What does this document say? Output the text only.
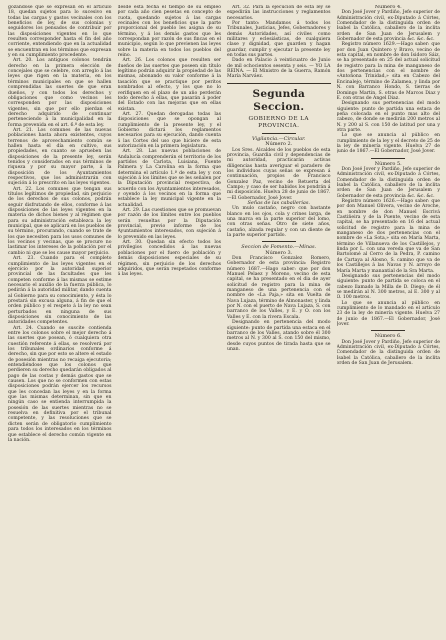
gozándose que se expresan en el artículo 18, quedan sujetos para lo sucesivo en todas las cargas y gastos vecinales con los beneficios de ley, de sus colonias y seguidores los pensados de contribuir por las disposiciones vigentes en lo que resulten corresponder hasta el fin del año corriente, entendiendo que en la actualidad se encuentran en los términos que expresan y en su cumplimiento procedente.

Art. 20. Los antiguos colonos tendrán derecho en la primera elección de concejales que se celebre, con arreglo á las leyes que rigen en la materia, en los términos municipales en que se hallen comprendidas las suertes de que eran dueños, y con todos los derechos y obligaciones que como vecinos les corresponden por las disposiciones vigentes, sin que por ello pierdan el derecho adquirido de continuar perteneciendo á la municipalidad en la forma prevenida en el art. 6.º de esta ley.

Art. 21. Los comunes de las nuevas poblaciones hasta ahora existentes, cuyos terrenos de aprovechamiento común se hallen hasta el día en cultivo, sus propiedades, en cuanto se aprueben las disposiciones de la presente ley, serán tenidos y considerados en sus términos de riqueza y por su mayor parte, á la disposición de los Ayuntamientos respectivos, que los administrarán con sujeción á lo prescrito en las leyes vigentes.

Art. 22. Los comunes que tengan sus títulos legítimos de propiedad, sin perjuicio de los derechos de sus colonos, podrán seguir disfrutando de ellos, conforme á las disposiciones de las leyes vigentes en la materia de dichos bienes y al régimen que para su administración establezca la ley municipal, que se aplicará en los pueblos de su término, procurando, cuando se trate de los que necesiten para los usos comunes de los vecinos y vecinas, que se procure no lastimar los intereses de la población por el cambio ni que se les cause mayor perjuicio.

Art. 23. Cuando para el completo cumplimiento de las leyes vigentes en el ejercicio por la autoridad superior provincial de las facultades que les competen conforme á las mismas se estime necesario el auxilio de la fuerza pública, lo pedirán á la autoridad militar, dando cuenta al Gobierno para su conocimiento, y ésta lo prestará sin excusa alguna, á fin de que el orden público y el respeto á la ley no sean perturbados en ninguna de sus disposiciones sin conocimiento de las autoridades competentes.

Art. 24. Cuando se suscite contienda entre los colonos sobre el mejor derecho á las suertes que posean, ó cualquiera otra cuestión referente á ellas, se resolverá por los tribunales ordinarios conforme á derecho, sin que por esto se altere el estado de posesión mientras no recaiga ejecutoria; entendiéndose que los colonos que perdieren su derecho quedarán obligados al pago de las costas y demás gastos que se causen. Los que no se conformen con estas disposiciones podrán ejercer los recursos que les concedan las leyes y en la forma que las mismas determinan, sin que en ningún caso se entienda interrumpida la posesión de las suertes mientras no se resuelva en definitiva por el tribunal competente, y las resoluciones que se dicten serán de obligatorio cumplimiento para todos los interesados en los términos que establece el derecho común vigente en la nación.

desde esta fecha el tiempo de su empleo por cada año cien pesetas en concepto de cuota, quedando sujetos á las cargas vecinales con los beneficios que la parte proporcional del pueblo les asigna de su término, y á los demás gastos que les correspondan por razón de sus fincas en el municipio, según lo que previenen las leyes sobre la materia en todos los pueblos del reino.

Art. 26. Los colonos que resulten ser dueños de las suertes que poseen sin título legítimo podrán adquirir la propiedad de las mismas, abonando su valor conforme á la tasación que se practique por peritos nombrados al efecto, y los que no lo verifiquen en el plazo de un año perderán todo derecho á ellas, que pasarán á poder del Estado con las mejoras que en ellas existan.

Art. 27. Quedan derogadas todas las disposiciones que se opongan al cumplimiento de la presente ley, y el Gobierno dictará los reglamentos necesarios para su ejecución, dando cuenta á las Cortes del uso que hiciere de esta autorización en la primera legislatura.

Art. 28. Las nuevas poblaciones de Andalucía comprenderán el territorio de los partidos de Carlota, Luisiana, Fuente Palmera y La Carolina en la forma que determina el artículo 1.º de esta ley y con sujeción á los límites que se les señalen por la Diputación provincial respectiva, de acuerdo con los Ayuntamientos interesados, y oyendo á los vecinos en la forma que establece la ley municipal vigente en la actualidad.

Art. 29. Las cuestiones que se promuevan por razón de los límites entre los pueblos serán resueltas por la Diputación provincial, previo informe de los Ayuntamientos interesados, con sujeción á lo prevenido en las leyes.

Art. 30. Quedan sin efecto todos los privilegios concedidos á las nuevas poblaciones por el fuero de población y demás disposiciones especiales de su régimen, sin perjuicio de los derechos adquiridos, que serán respetados conforme á las leyes.

Art. 32. Para la ejecución de esta ley se expedirán las instrucciones y reglamentos necesarios.

Por tanto: Mandamos á todos los Tribunales, Justicias, Jefes, Gobernadores y demás Autoridades, así civiles como militares y eclesiásticas, de cualquiera clase y dignidad, que guarden y hagan guardar, cumplir y ejecutar la presente ley en todas sus partes.

Dado en Palacio á veinticuatro de Junio de mil ochocientos sesenta y seis. — YO LA REINA. — El Ministro de la Guerra, Ramón María Narváez.

Segunda Seccion.
GOBIERNO DE LA PROVINCIA.

Vigilancia.—Circular.

Número 2.

Los Sres. Alcaldes de los pueblos de esta provincia, Guardia civil y dependencias de mi autoridad, practicarán activas diligencias hasta averiguar el paradero de los individuos cuyas señas se expresan á continuación, propios de Francisco Gonzalez Paz, vecino de Retuerta del Campo; y caso de ser habidos los pondrán á mi disposición. Huelva 28 de junio de 1867. —El Gobernador, José Jover.

Señas de las caballerías.

Un mulo castaño, negro con bastante blanco en los ojos, cola y crines larga, de una marca en la parte superior del lomo, con otras señas. Otro de siete años, castaño, alzada regular y con un diente de la parte superior partido.

Seccion de Fomento.—Minas.

Número 3.

Don Francisco Gonzalez Romero, Gobernador de esta provincia: Registro número 1687.—Hago saber: que por don Manuel Pelaez y Moreno, vecino de esta capital, se ha presentado en el dia de ayer solicitud de registro para la mina de manganeso de una pertenencia con el nombre de «La Paja,» sita en Vuelta de Nava Lujaza, término de Almonaster, y linda por N. con el puerto de Nava Lujaza, S. con barranco de los Valles, y E. y O. con los Valles y E. con la rivera Escala.

Designando en pertenencia del modo siguiente: punto de partida una estaca en el barranco de los Valles, atando sobre él 300 metros al N. y 300 al S. con 150 del mismo, desde cuyos puntos de tirada hasta que se unan.

Número 4.

Don José Jover y Pardiño, Jefe superior de Administración civil, ex-Diputado á Córtes, Comendador de la distinguida orden de Isabel la Católica, caballero de la ínclita orden de San Juan de Jerusalem y Gobernador de esta provincia &c. &c. &c.

Registro número 1629.—Hago saber: que por don Juan Quintero y Bravo, vecino de esta capital, en nombre de don Isidoro Sáiz, se ha presentado en 25 del actual solicitud de registro para la mina de manganeso de dos pertenencias con el nombre de «Antoñona Trinidad,» sita en Cabezo del Encinalejo, término de Zalamea, y linda por N. con Barranco Hondo, S. tierras de Domingo Martin, S. otras de Marcos Diaz y E. con otras de Angel Diaz.

Designando sus pertenencias del modo siguiente: punto de partida una estaca de peña colocada en el punto mas alto del cabezo, de donde se medirán 200 metros al N. y 200 al S. con 150 de latitud por una y otra parte.

Lo que se anuncia al público en cumplimiento de la ley y el decreto de 25 de la ley de minería vigente. Huelva 27 de junio de 1867.—El Gobernador, José Jover.

Número 5.

Don José Jover y Pardiño, Jefe superior de Administración civil, ex-Diputado á Córtes, Comendador de la distinguida orden de Isabel la Católica, caballero de la ínclita orden de San Juan de Jerusalem y Gobernador de esta provincia &c. &c. &c.

Registro número 1626.—Hago saber: que por don Manuel Olivera, vecino de Aroche, en nombre de don Manuel Escrivá Castiñeira y de la Puente, vecino de esta capital, se ha presentado en 16 del actual solicitud de registro para la mina de manganeso de dos pertenencias con el nombre de «La Sota,» sita en María Marta, término de Villanueva de los Castillejos, y linda por L. con una vereda que va de San Bartolomé al Cerro de la Pedra, P. camino de Cartaya al Alosno, S. camino que va de los Castillejos á las Navas y N. arroyo de María Marta y manantial de la Sra Marta.

Designando sus pertenencias del modo siguiente: punto de partida se coloca en el cabezo llamado la Milla de D. Diego; de él se medirán al N. 300 metros, al E. 300 y al O. 100 metros.

Lo que se anuncia al público en cumplimiento de lo mandado en el artículo 23 de la ley de minería vigente. Huelva 27 de junio de 1867.—El Gobernador, José Jover.

Número 6.

Don José Jover y Pardiño, Jefe superior de Administración civil, ex-Diputado á Córtes, Comendador de la distinguida orden de Isabel la Católica, caballero de la ínclita orden de San Juan de Jerusalem.
